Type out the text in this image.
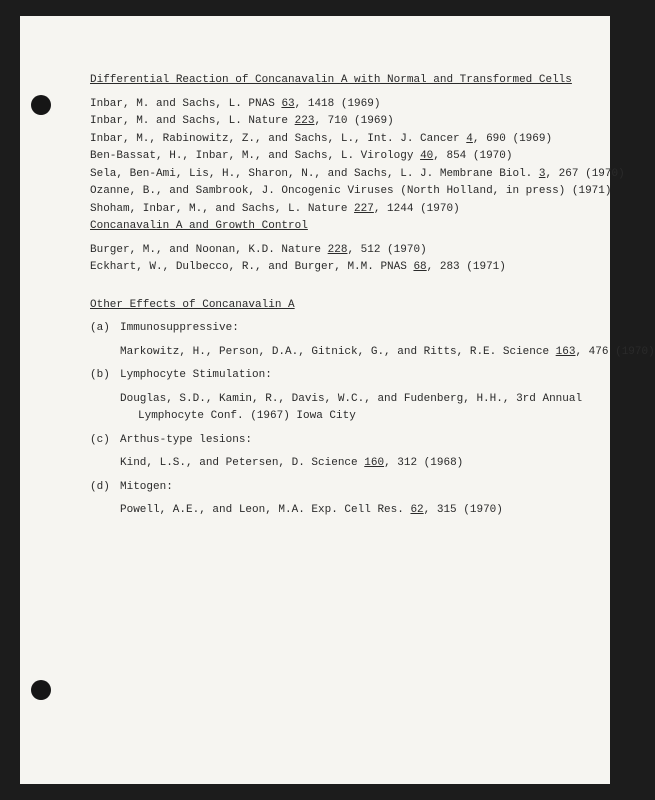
Differential Reaction of Concanavalin A with Normal and Transformed Cells
Inbar, M. and Sachs, L. PNAS 63, 1418 (1969)
Inbar, M. and Sachs, L. Nature 223, 710 (1969)
Inbar, M., Rabinowitz, Z., and Sachs, L., Int. J. Cancer 4, 690 (1969)
Ben-Bassat, H., Inbar, M., and Sachs, L. Virology 40, 854 (1970)
Sela, Ben-Ami, Lis, H., Sharon, N., and Sachs, L. J. Membrane Biol. 3, 267 (1970)
Ozanne, B., and Sambrook, J. Oncogenic Viruses (North Holland, in press) (1971)
Shoham, Inbar, M., and Sachs, L. Nature 227, 1244 (1970)
Concanavalin A and Growth Control
Burger, M., and Noonan, K.D. Nature 228, 512 (1970)
Eckhart, W., Dulbecco, R., and Burger, M.M. PNAS 68, 283 (1971)
Other Effects of Concanavalin A
(a) Immunosuppressive:
Markowitz, H., Person, D.A., Gitnick, G., and Ritts, R.E. Science 163, 476 (1970)
(b) Lymphocyte Stimulation:
Douglas, S.D., Kamin, R., Davis, W.C., and Fudenberg, H.H., 3rd Annual
Lymphocyte Conf. (1967) Iowa City
(c) Arthus-type lesions:
Kind, L.S., and Petersen, D. Science 160, 312 (1968)
(d) Mitogen:
Powell, A.E., and Leon, M.A. Exp. Cell Res. 62, 315 (1970)
